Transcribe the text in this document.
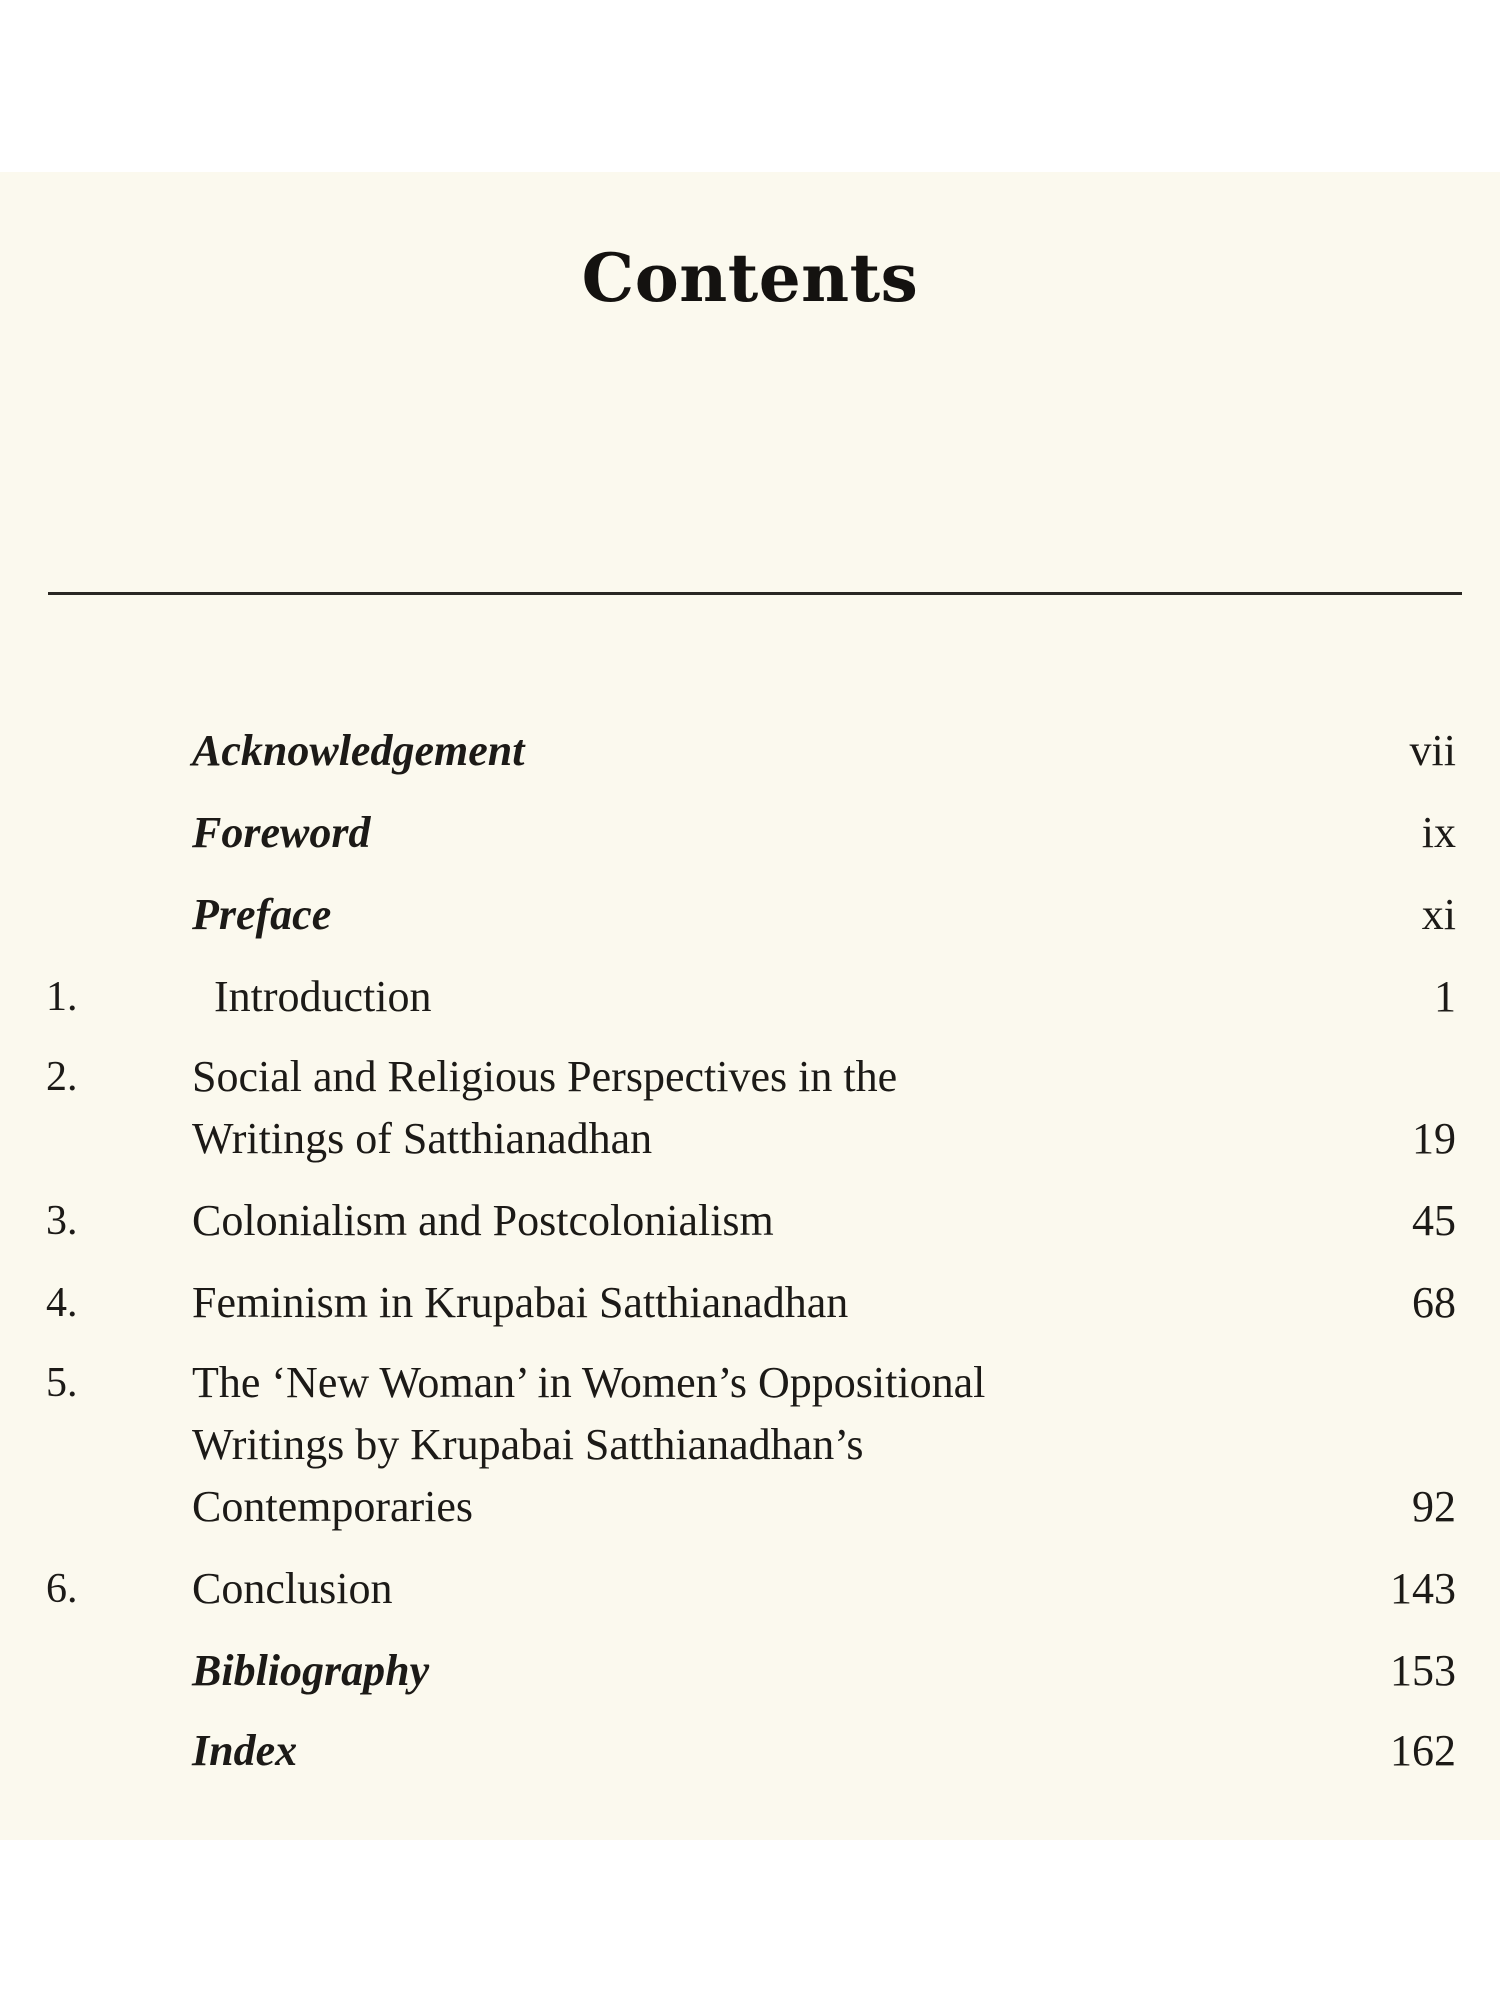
Contents
Acknowledgement	vii
Foreword	ix
Preface	xi
1.	Introduction	1
2.	Social and Religious Perspectives in the
Writings of Satthianadhan	19
3.	Colonialism and Postcolonialism	45
4.	Feminism in Krupabai Satthianadhan	68
5.	The ‘New Woman’ in Women’s Oppositional
Writings by Krupabai Satthianadhan’s
Contemporaries	92
6.	Conclusion	143
Bibliography	153
Index	162
